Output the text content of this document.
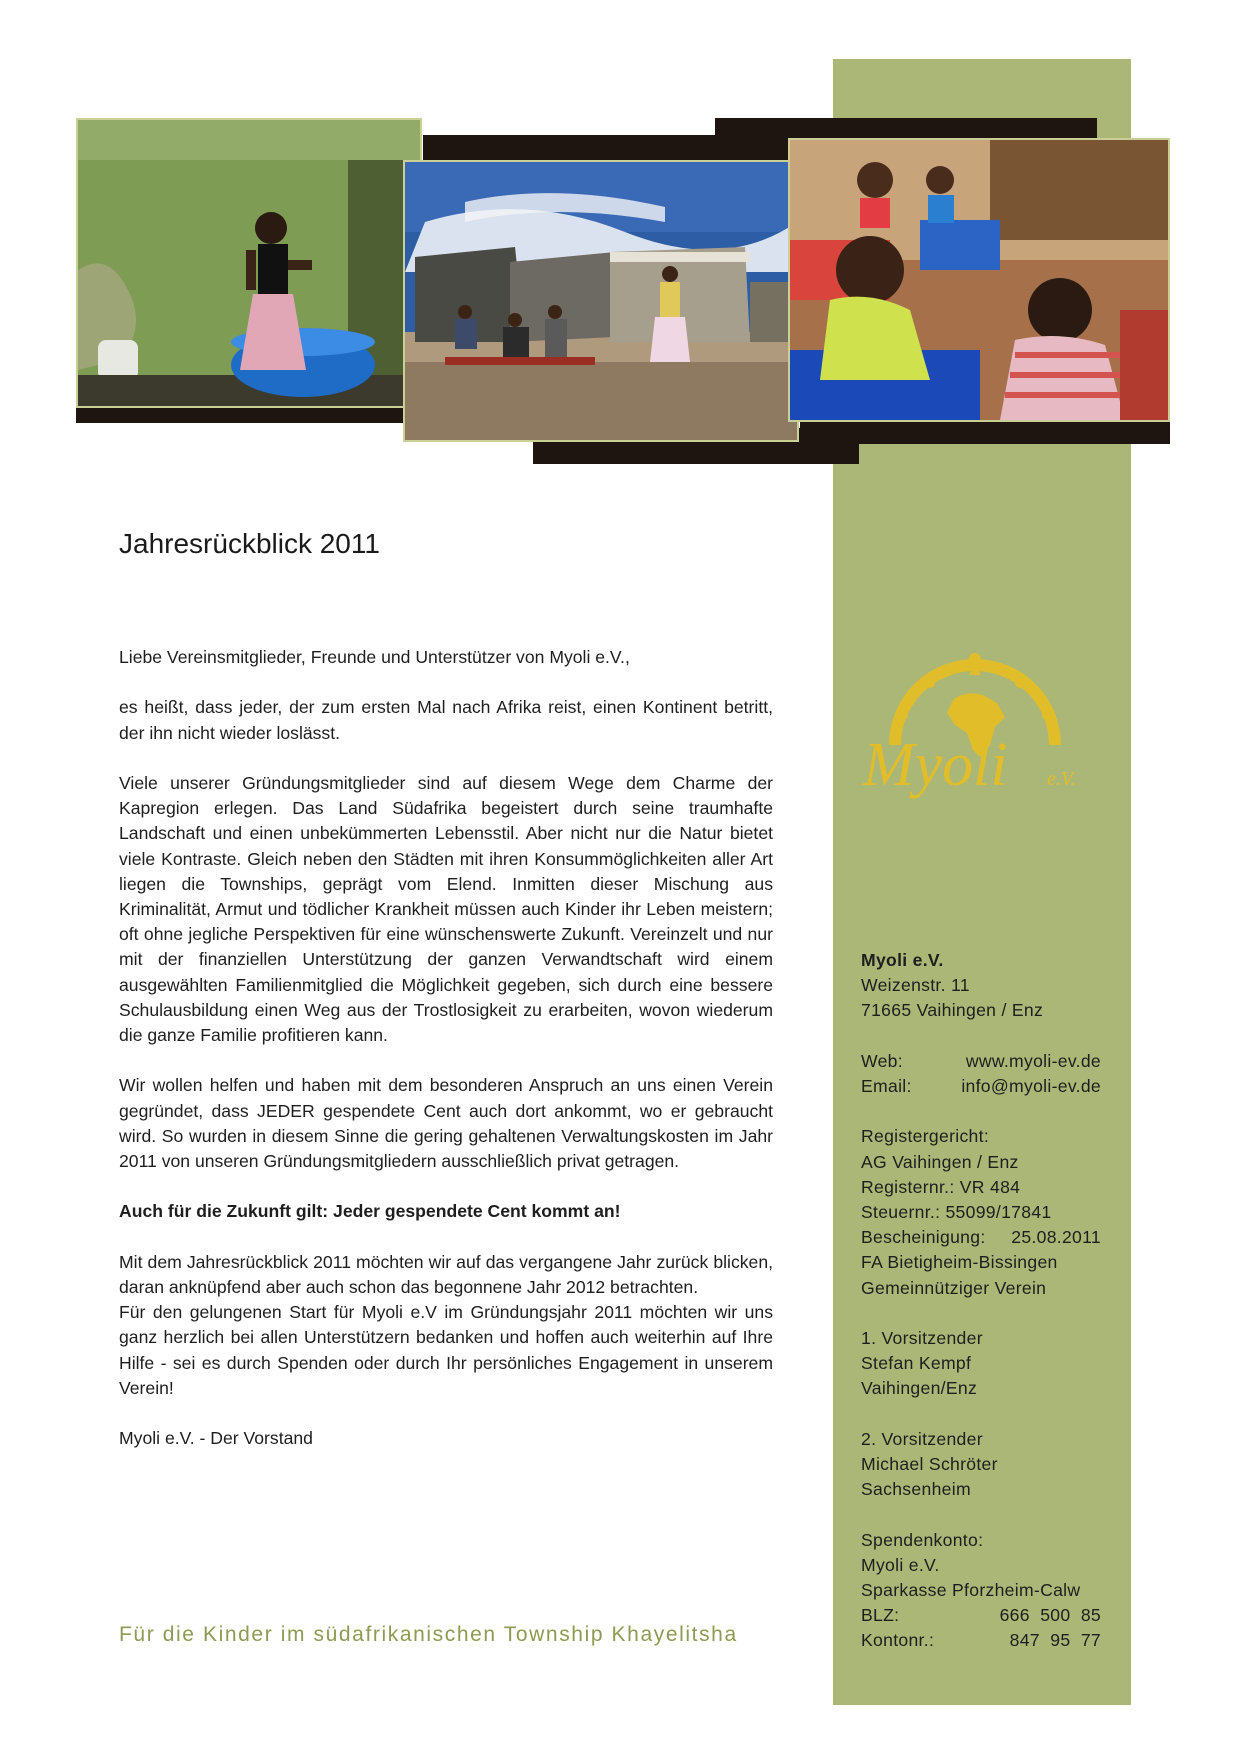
Jahresrückblick 2011

Liebe Vereinsmitglieder, Freunde und Unterstützer von Myoli e.V.,

es heißt, dass jeder, der zum ersten Mal nach Afrika reist, einen Kontinent betritt, der ihn nicht wieder loslässt.

Viele unserer Gründungsmitglieder sind auf diesem Wege dem Charme der Kapregion erlegen. Das Land Südafrika begeistert durch seine traumhafte Landschaft und einen unbekümmerten Lebensstil. Aber nicht nur die Natur bietet viele Kontraste. Gleich neben den Städten mit ihren Konsummöglichkeiten aller Art liegen die Townships, geprägt vom Elend. Inmitten dieser Mischung aus Kriminalität, Armut und tödlicher Krankheit müssen auch Kinder ihr Leben meistern; oft ohne jegliche Perspektiven für eine wünschenswerte Zukunft. Vereinzelt und nur mit der finanziellen Unterstützung der ganzen Verwandtschaft wird einem ausgewählten Familienmitglied die Möglichkeit gegeben, sich durch eine bessere Schulausbildung einen Weg aus der Trostlosigkeit zu erarbeiten, wovon wiederum die ganze Familie profitieren kann.

Wir wollen helfen und haben mit dem besonderen Anspruch an uns einen Verein gegründet, dass JEDER gespendete Cent auch dort ankommt, wo er gebraucht wird. So wurden in diesem Sinne die gering gehaltenen Verwaltungskosten im Jahr 2011 von unseren Gründungsmitgliedern ausschließlich privat getragen.

Auch für die Zukunft gilt: Jeder gespendete Cent kommt an!

Mit dem Jahresrückblick 2011 möchten wir auf das vergangene Jahr zurück blicken, daran anknüpfend aber auch schon das begonnene Jahr 2012 betrachten.

Für den gelungenen Start für Myoli e.V im Gründungsjahr 2011 möchten wir uns ganz herzlich bei allen Unterstützern bedanken und hoffen auch weiterhin auf Ihre Hilfe - sei es durch Spenden oder durch Ihr persönliches Engagement in unserem Verein!

Myoli e.V. - Der Vorstand

Für die Kinder im südafrikanischen Township Khayelitsha
Myoli e.V.
Myoli e.V.
Weizenstr. 11
71665 Vaihingen / Enz
Web:	www.myoli-ev.de
Email:	info@myoli-ev.de
Registergericht:
AG Vaihingen / Enz
Registernr.: VR 484
Steuernr.: 55099/17841
Bescheinigung: 25.08.2011
FA Bietigheim-Bissingen
Gemeinnütziger Verein
1. Vorsitzender
Stefan Kempf
Vaihingen/Enz
2. Vorsitzender
Michael Schröter
Sachsenheim
Spendenkonto:
Myoli e.V.
Sparkasse Pforzheim-Calw
BLZ:	666  500  85
Kontonr.:	847  95  77
